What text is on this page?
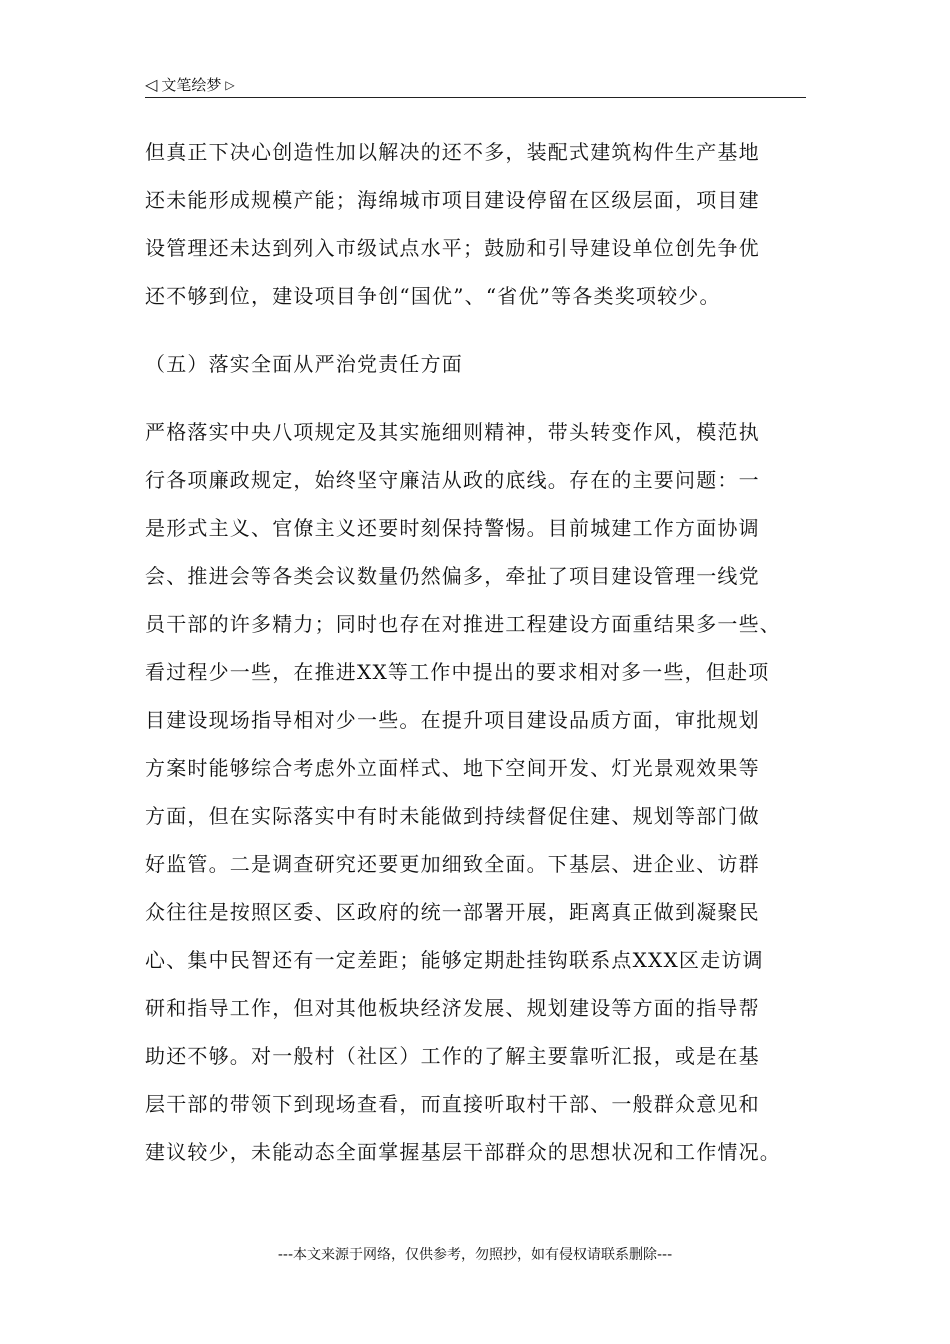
◁ 文笔绘梦 ▷
但真正下决心创造性加以解决的还不多，装配式建筑构件生产基地
还未能形成规模产能；海绵城市项目建设停留在区级层面，项目建
设管理还未达到列入市级试点水平；鼓励和引导建设单位创先争优
还不够到位，建设项目争创“国优”、“省优”等各类奖项较少。
（五）落实全面从严治党责任方面
严格落实中央八项规定及其实施细则精神，带头转变作风，模范执
行各项廉政规定，始终坚守廉洁从政的底线。存在的主要问题：一
是形式主义、官僚主义还要时刻保持警惕。目前城建工作方面协调
会、推进会等各类会议数量仍然偏多，牵扯了项目建设管理一线党
员干部的许多精力；同时也存在对推进工程建设方面重结果多一些、
看过程少一些，在推进XX等工作中提出的要求相对多一些，但赴项
目建设现场指导相对少一些。在提升项目建设品质方面，审批规划
方案时能够综合考虑外立面样式、地下空间开发、灯光景观效果等
方面，但在实际落实中有时未能做到持续督促住建、规划等部门做
好监管。二是调查研究还要更加细致全面。下基层、进企业、访群
众往往是按照区委、区政府的统一部署开展，距离真正做到凝聚民
心、集中民智还有一定差距；能够定期赴挂钩联系点XXX区走访调
研和指导工作，但对其他板块经济发展、规划建设等方面的指导帮
助还不够。对一般村（社区）工作的了解主要靠听汇报，或是在基
层干部的带领下到现场查看，而直接听取村干部、一般群众意见和
建议较少，未能动态全面掌握基层干部群众的思想状况和工作情况。
---本文来源于网络，仅供参考，勿照抄，如有侵权请联系删除---
